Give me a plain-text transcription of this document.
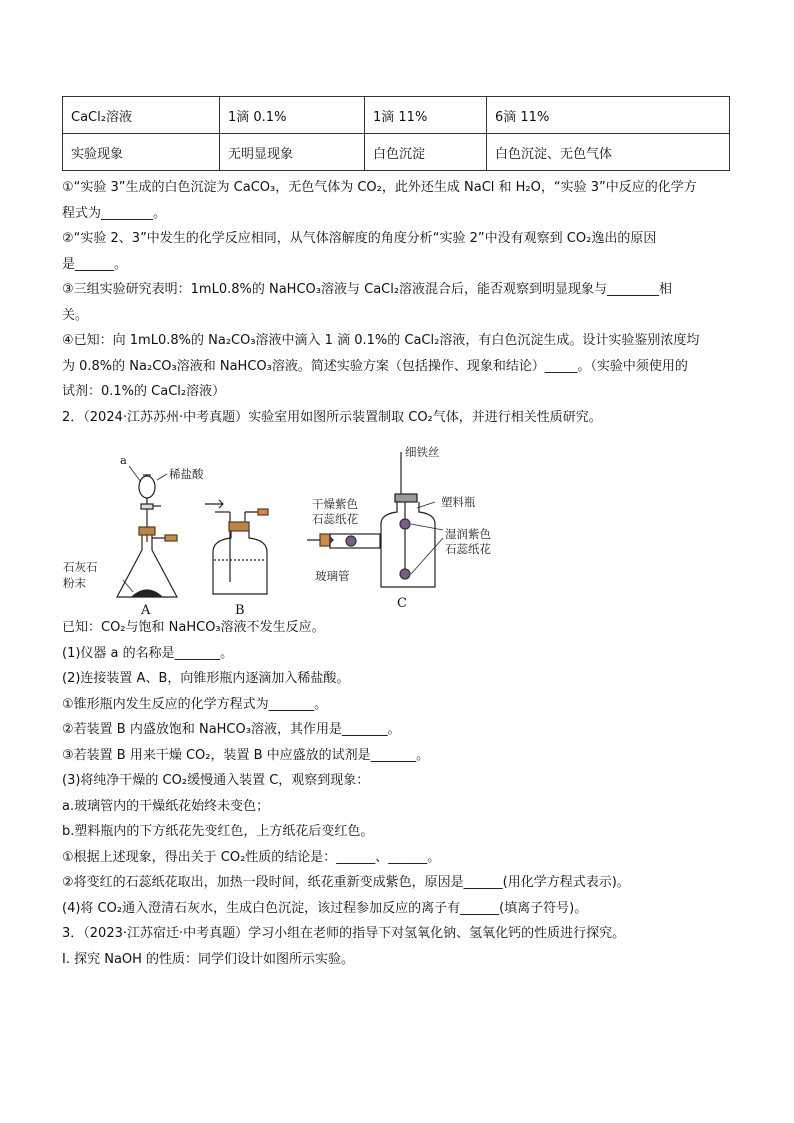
CaCl₂溶液	1滴 0.1%	1滴 11%	6滴 11%
实验现象	无明显现象	白色沉淀	白色沉淀、无色气体
①“实验 3”生成的白色沉淀为 CaCO₃，无色气体为 CO₂，此外还生成 NaCl 和 H₂O，“实验 3”中反应的化学方
程式为________。
②“实验 2、3”中发生的化学反应相同，从气体溶解度的角度分析“实验 2”中没有观察到 CO₂逸出的原因
是______。
③三组实验研究表明：1mL0.8%的 NaHCO₃溶液与 CaCl₂溶液混合后，能否观察到明显现象与________相
关。
④已知：向 1mL0.8%的 Na₂CO₃溶液中滴入 1 滴 0.1%的 CaCl₂溶液，有白色沉淀生成。设计实验鉴别浓度均
为 0.8%的 Na₂CO₃溶液和 NaHCO₃溶液。简述实验方案（包括操作、现象和结论）_____。（实验中须使用的
试剂：0.1%的 CaCl₂溶液）
2．（2024·江苏苏州·中考真题）实验室用如图所示装置制取 CO₂气体，并进行相关性质研究。
a
稀盐酸
石灰石
粉末
A	B
细铁丝
干燥紫色
石蕊纸花
塑料瓶
湿润紫色
石蕊纸花
玻璃管
C
已知：CO₂与饱和 NaHCO₃溶液不发生反应。
(1)仪器 a 的名称是_______。
(2)连接装置 A、B，向锥形瓶内逐滴加入稀盐酸。
①锥形瓶内发生反应的化学方程式为_______。
②若装置 B 内盛放饱和 NaHCO₃溶液，其作用是_______。
③若装置 B 用来干燥 CO₂，装置 B 中应盛放的试剂是_______。
(3)将纯净干燥的 CO₂缓慢通入装置 C，观察到现象：
a.玻璃管内的干燥纸花始终未变色；
b.塑料瓶内的下方纸花先变红色，上方纸花后变红色。
①根据上述现象，得出关于 CO₂性质的结论是：______、______。
②将变红的石蕊纸花取出，加热一段时间，纸花重新变成紫色，原因是______(用化学方程式表示)。
(4)将 CO₂通入澄清石灰水，生成白色沉淀，该过程参加反应的离子有______(填离子符号)。
3．（2023·江苏宿迁·中考真题）学习小组在老师的指导下对氢氧化钠、氢氧化钙的性质进行探究。
Ⅰ. 探究 NaOH 的性质：同学们设计如图所示实验。
